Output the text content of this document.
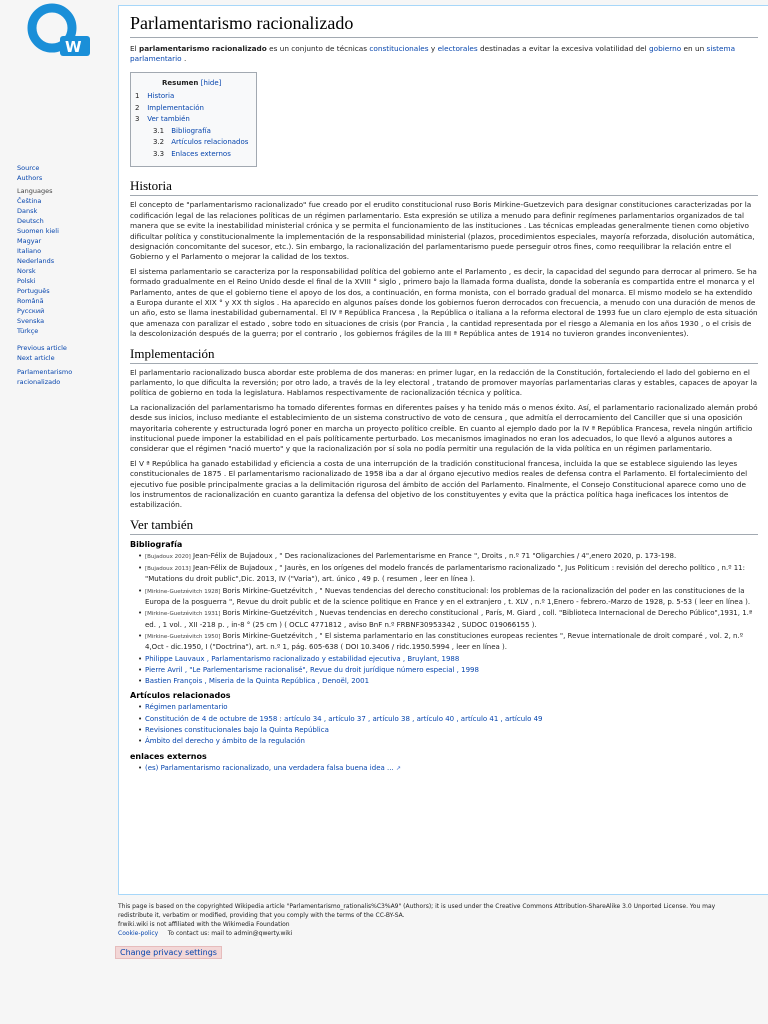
W
Source
Authors
Languages
Čeština
Dansk
Deutsch
Suomen kieli
Magyar
Italiano
Nederlands
Norsk
Polski
Português
Română
Русский
Svenska
Türkçe
Previous article
Next article
Parlamentarismo
racionalizado
Parlamentarismo racionalizado

El parlamentarismo racionalizado es un conjunto de técnicas constitucionales y electorales destinadas a evitar la excesiva volatilidad del gobierno en un sistema parlamentario .

Resumen [hide]
1 Historia
2 Implementación
3 Ver también
3.1 Bibliografía
3.2 Artículos relacionados
3.3 Enlaces externos
Historia

El concepto de "parlamentarismo racionalizado" fue creado por el erudito constitucional ruso Boris Mirkine-Guetzevich para designar constituciones caracterizadas por la codificación legal de las relaciones políticas de un régimen parlamentario. Esta expresión se utiliza a menudo para definir regímenes parlamentarios organizados de tal manera que se evite la inestabilidad ministerial crónica y se permita el funcionamiento de las instituciones . Las técnicas empleadas generalmente tienen como objetivo dificultar política y constitucionalmente la implementación de la responsabilidad ministerial (plazos, procedimientos especiales, mayoría reforzada, disolución automática, designación concomitante del sucesor, etc.). Sin embargo, la racionalización del parlamentarismo puede perseguir otros fines, como reequilibrar la relación entre el Gobierno y el Parlamento o mejorar la calidad de los textos.

El sistema parlamentario se caracteriza por la responsabilidad política del gobierno ante el Parlamento , es decir, la capacidad del segundo para derrocar al primero. Se ha formado gradualmente en el Reino Unido desde el final de la XVIII ° siglo , primero bajo la llamada forma dualista, donde la soberanía es compartida entre el monarca y el Parlamento, antes de que el gobierno tiene el apoyo de los dos, a continuación, en forma monista, con el borrado gradual del monarca. El mismo modelo se ha extendido a Europa durante el XIX ° y XX th siglos . Ha aparecido en algunos países donde los gobiernos fueron derrocados con frecuencia, a menudo con una duración de menos de un año, esto se llama inestabilidad gubernamental. El IV ª República Francesa , la República o italiana a la reforma electoral de 1993 fue un claro ejemplo de esta situación que amenaza con paralizar el estado , sobre todo en situaciones de crisis (por Francia , la cantidad representada por el riesgo a Alemania en los años 1930 , o el crisis de la descolonización después de la guerra; por el contrario , los gobiernos frágiles de la III ª República antes de 1914 no tuvieron grandes inconvenientes).

Implementación

El parlamentario racionalizado busca abordar este problema de dos maneras: en primer lugar, en la redacción de la Constitución, fortaleciendo el lado del gobierno en el parlamento, lo que dificulta la reversión; por otro lado, a través de la ley electoral , tratando de promover mayorías parlamentarias claras y estables, capaces de apoyar la política de gobierno en toda la legislatura. Hablamos respectivamente de racionalización técnica y política.

La racionalización del parlamentarismo ha tomado diferentes formas en diferentes países y ha tenido más o menos éxito. Así, el parlamentario racionalizado alemán probó desde sus inicios, incluso mediante el establecimiento de un sistema constructivo de voto de censura , que admitía el derrocamiento del Canciller que si una oposición mayoritaria coherente y estructurada logró poner en marcha un proyecto político creíble. En cuanto al ejemplo dado por la IV ª República Francesa, revela ningún artificio institucional puede imponer la estabilidad en el país políticamente perturbado. Los mecanismos imaginados no eran los adecuados, lo que llevó a algunos autores a considerar que el régimen "nació muerto" y que la racionalización por sí sola no podía permitir una regulación de la vida política en un régimen parlamentario.

El V ª República ha ganado estabilidad y eficiencia a costa de una interrupción de la tradición constitucional francesa, incluida la que se establece siguiendo las leyes constitucionales de 1875 . El parlamentarismo racionalizado de 1958 iba a dar al órgano ejecutivo medios reales de defensa contra el Parlamento. El fortalecimiento del ejecutivo fue posible principalmente gracias a la delimitación rigurosa del ámbito de acción del Parlamento. Finalmente, el Consejo Constitucional aparece como uno de los instrumentos de racionalización en cuanto garantiza la defensa del objetivo de los constituyentes y evita que la práctica política haga ineficaces los intentos de estabilización.

Ver también
Bibliografía
• [Bujadoux 2020] Jean-Félix de Bujadoux , " Des racionalizaciones del Parlementarisme en France ", Droits , n.º 71 "Oligarchies / 4",enero 2020, p. 173-198.
• [Bujadoux 2013] Jean-Félix de Bujadoux , " Jaurès, en los orígenes del modelo francés de parlamentarismo racionalizado ", Jus Politicum : revisión del derecho político , n.º 11: "Mutations du droit public",Dic. 2013, IV ("Varia"), art. único , 49 p. ( resumen , leer en línea ).
• [Mirkine-Guetzévitch 1928] Boris Mirkine-Guetzévitch , " Nuevas tendencias del derecho constitucional: los problemas de la racionalización del poder en las constituciones de la Europa de la posguerra ", Revue du droit public et de la science politique en France y en el extranjero , t. XLV , n.º 1,Enero - febrero.-Marzo de 1928, p. 5-53 ( leer en línea ).
• [Mirkine-Guetzévitch 1931] Boris Mirkine-Guetzévitch , Nuevas tendencias en derecho constitucional , París, M. Giard , coll. "Biblioteca Internacional de Derecho Público",1931, 1.ª ed. , 1 vol. , XII -218 p. , in-8 ° (25 cm ) ( OCLC 4771812 , aviso BnF n.º FRBNF30953342 , SUDOC 019066155 ).
• [Mirkine-Guetzévitch 1950] Boris Mirkine-Guetzévitch , " El sistema parlamentario en las constituciones europeas recientes ", Revue internationale de droit comparé , vol. 2, n.º 4,Oct - dic.1950, I ("Doctrina"), art. n.º 1, pág. 605-638 ( DOI 10.3406 / ridc.1950.5994 , leer en línea ).
• Philippe Lauvaux , Parlamentarismo racionalizado y estabilidad ejecutiva , Bruylant, 1988
• Pierre Avril , "Le Parlementarisme racionalisé", Revue du droit jurídique número especial , 1998
• Bastien François , Miseria de la Quinta República , Denoël, 2001
Artículos relacionados
• Régimen parlamentario
• Constitución de 4 de octubre de 1958 : artículo 34 , artículo 37 , artículo 38 , artículo 40 , artículo 41 , artículo 49
• Revisiones constitucionales bajo la Quinta República
• Ámbito del derecho y ámbito de la regulación
enlaces externos
• (es) Parlamentarismo racionalizado, una verdadera falsa buena idea ... ↗
This page is based on the copyrighted Wikipedia article "Parlamentarismo_rationalis%C3%A9" (Authors); it is used under the Creative Commons Attribution-ShareAlike 3.0 Unported License. You may
redistribute it, verbatim or modified, providing that you comply with the terms of the CC-BY-SA.
frwiki.wiki is not affiliated with the Wikimedia Foundation
Cookie-policy To contact us: mail to admin@qwerty.wiki
Change privacy settings
